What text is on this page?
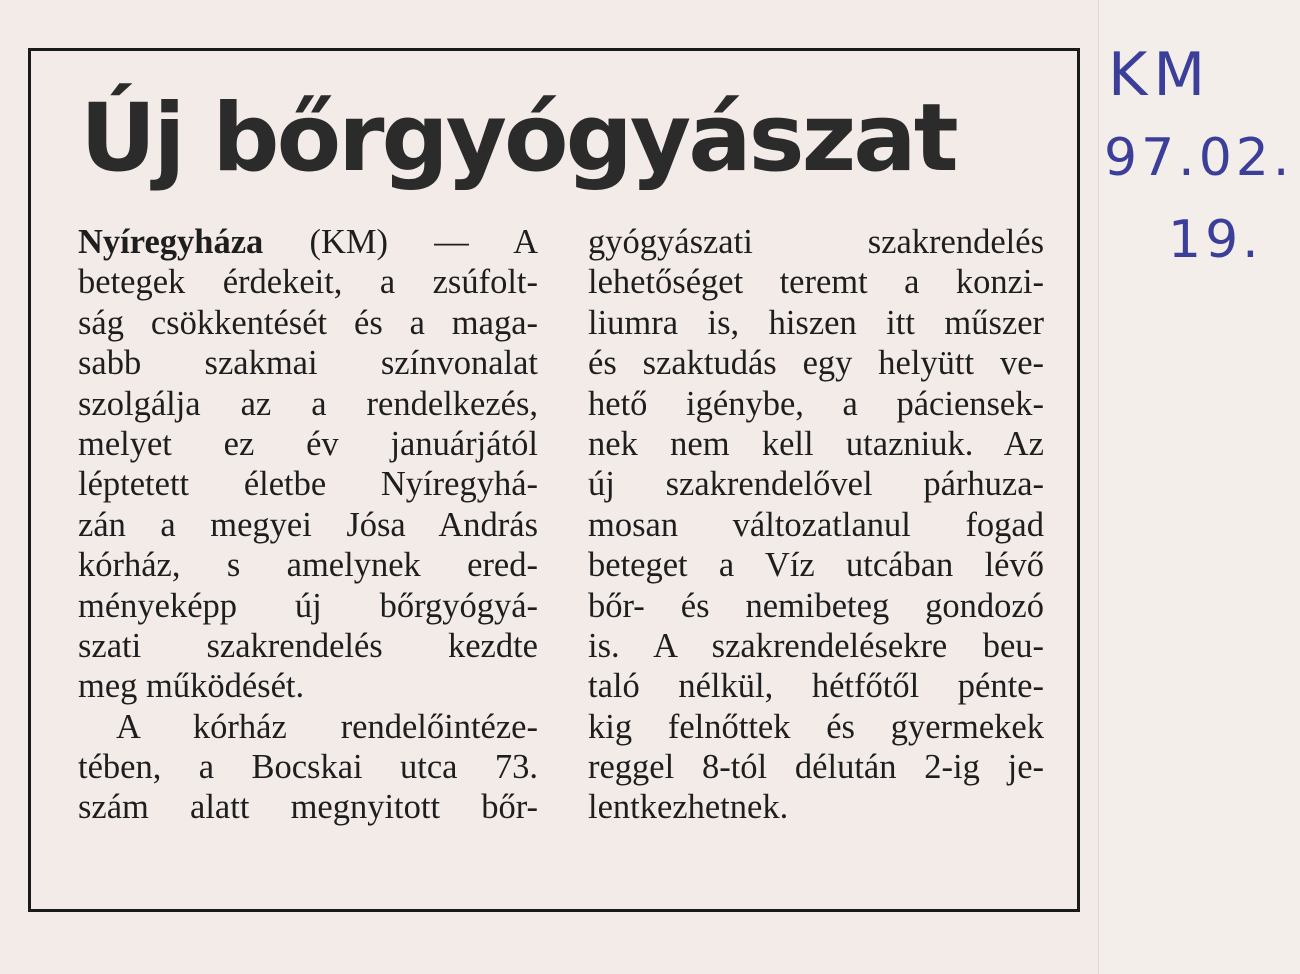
Új bőrgyógyászat
Nyíregyháza (KM) — A
betegek érdekeit, a zsúfolt-
ság csökkentését és a maga-
sabb szakmai színvonalat
szolgálja az a rendelkezés,
melyet ez év januárjától
léptetett életbe Nyíregyhá-
zán a megyei Jósa András
kórház, s amelynek ered-
ményeképp új bőrgyógyá-
szati szakrendelés kezdte
meg működését.
A kórház rendelőintéze-
tében, a Bocskai utca 73.
szám alatt megnyitott bőr-
gyógyászati szakrendelés
lehetőséget teremt a konzi-
liumra is, hiszen itt műszer
és szaktudás egy helyütt ve-
hető igénybe, a páciensek-
nek nem kell utazniuk. Az
új szakrendelővel párhuza-
mosan változatlanul fogad
beteget a Víz utcában lévő
bőr- és nemibeteg gondozó
is. A szakrendelésekre beu-
taló nélkül, hétfőtől pénte-
kig felnőttek és gyermekek
reggel 8-tól délután 2-ig je-
lentkezhetnek.
KM
97.02.
19.
